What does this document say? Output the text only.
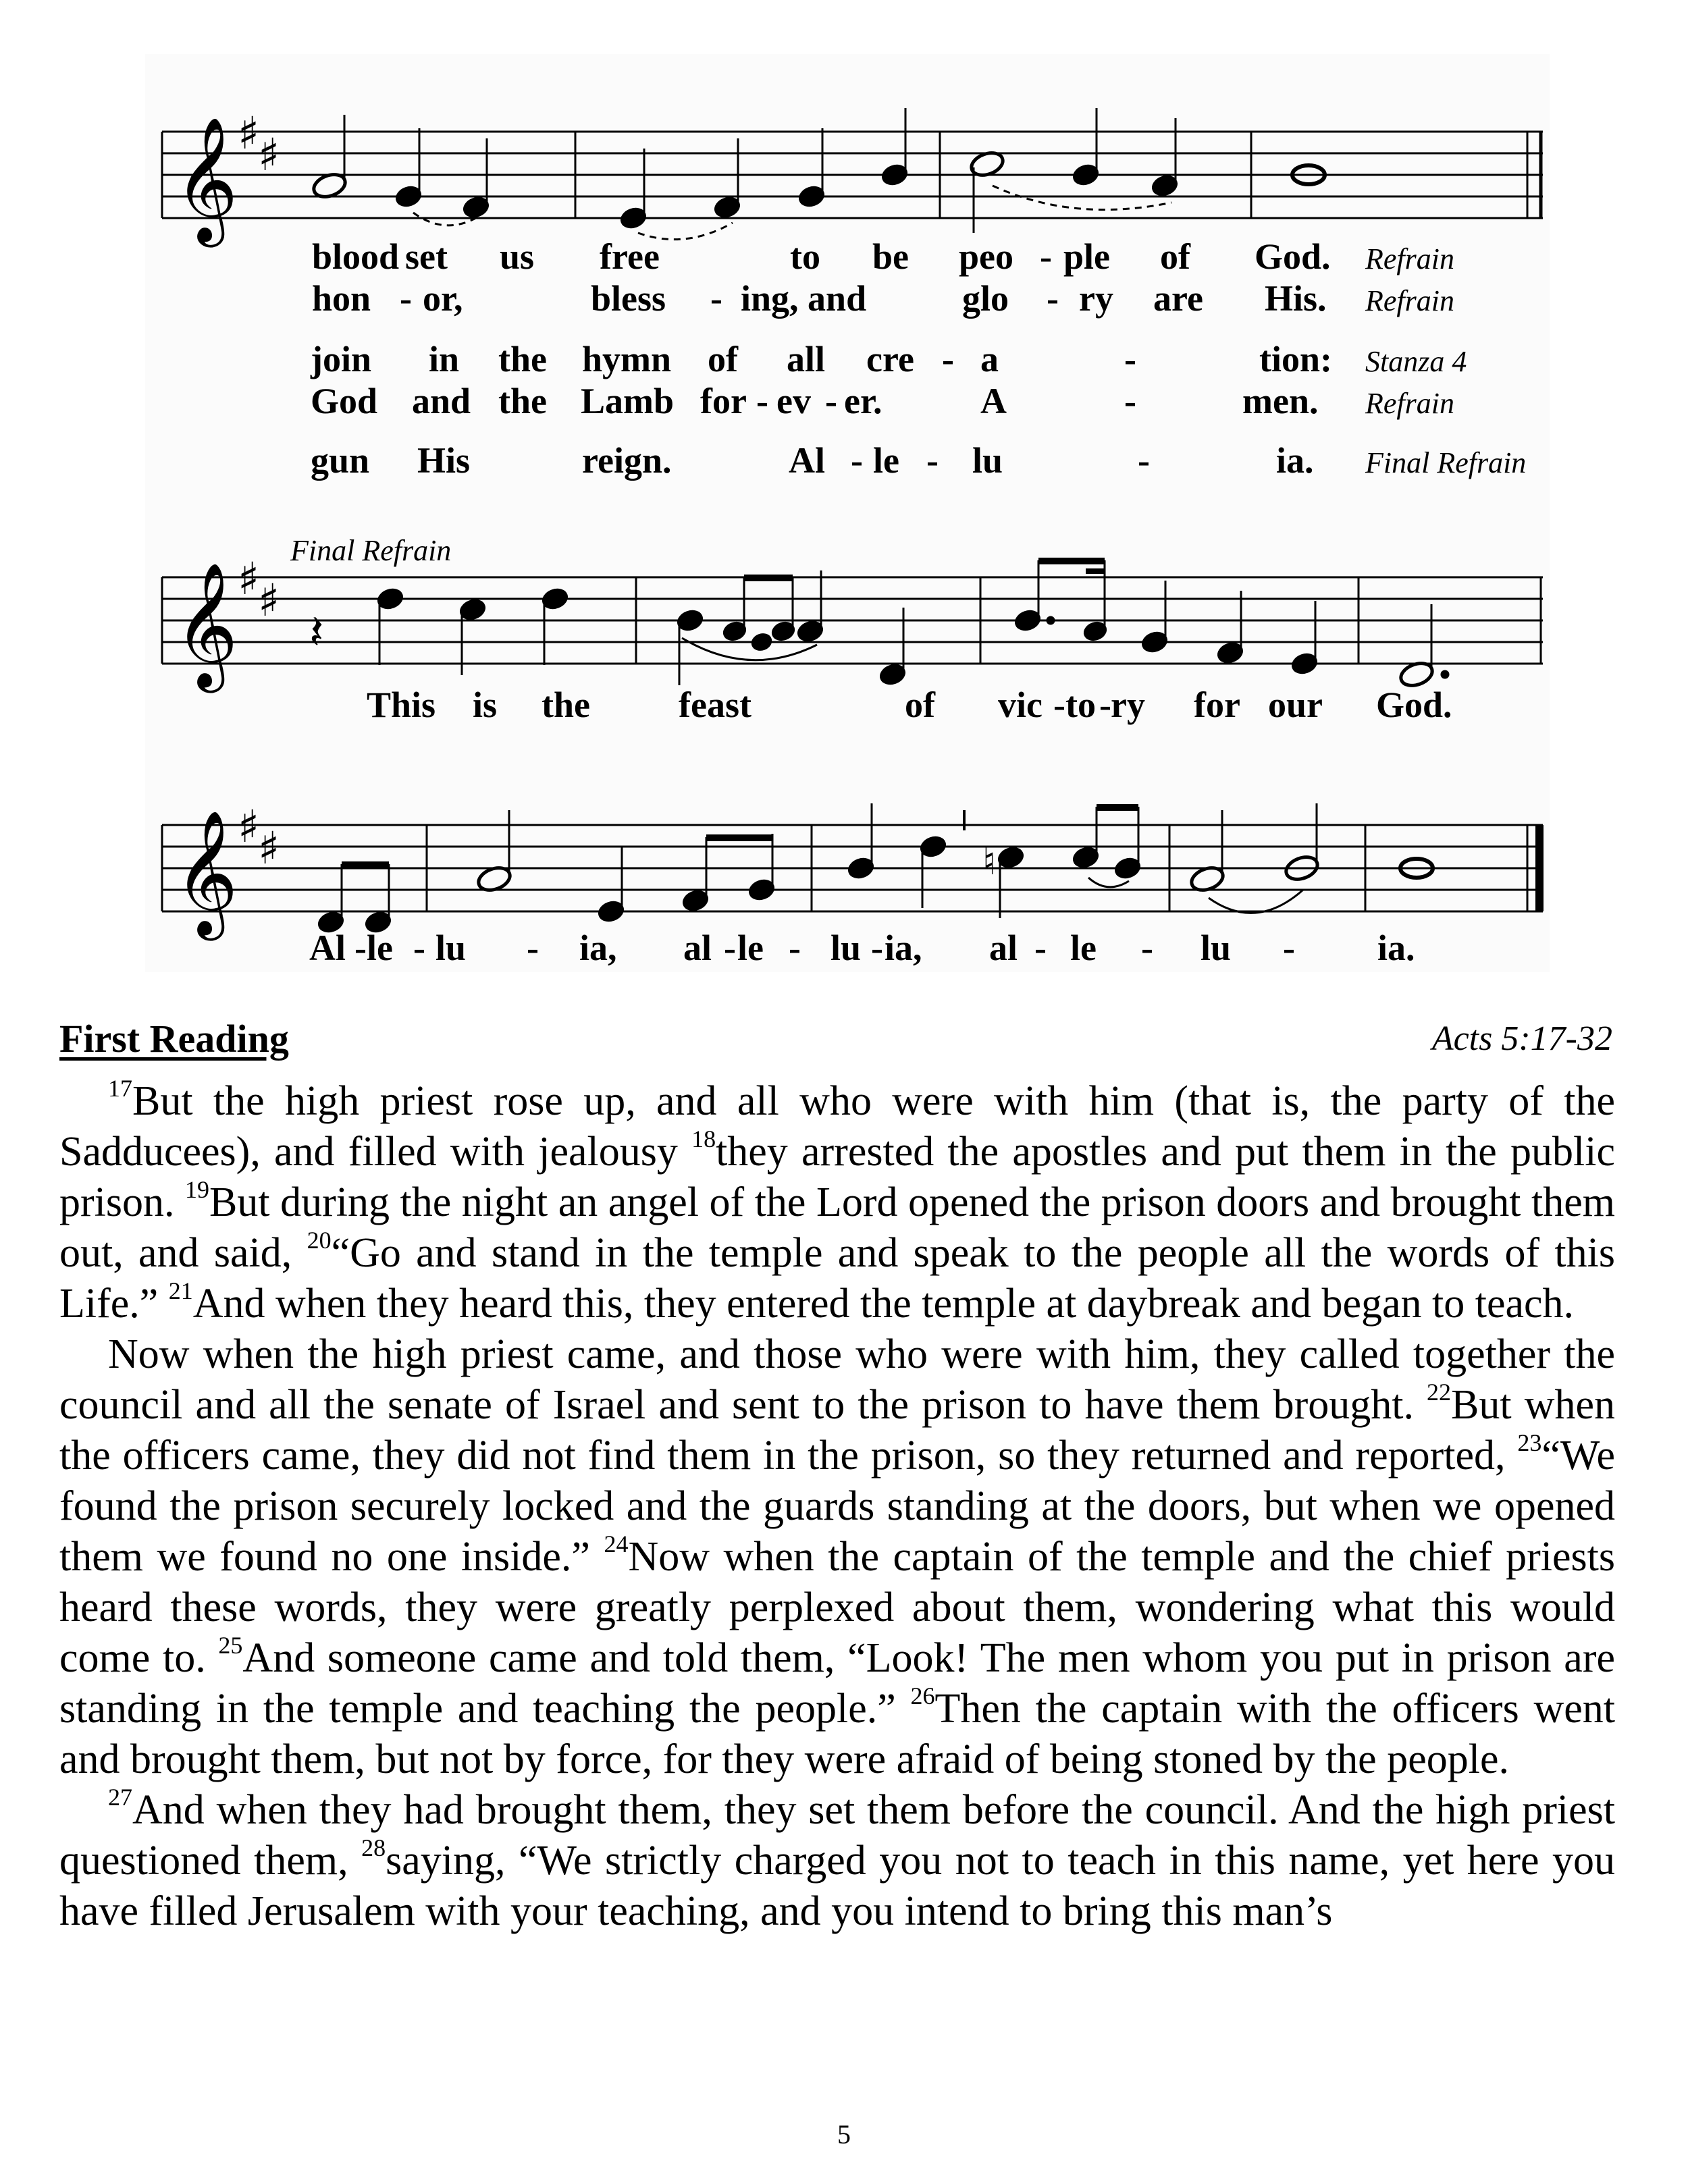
𝄞 ♯
♯
blood set us free	to be peo - ple of God.
hon - or,	bless - ing, and	glo - ry are His.
join in the hymn of all cre - a	-	tion:
God and the Lamb for - ev - er.	A	-	men.
gun His	reign.	Al - le - lu	-	ia.
Refrain
Refrain
Stanza 4
Refrain
Final Refrain
Final Refrain
𝄞 ♯
♯
𝄽
This is the feast	of vic - to - ry for our God.
𝄞 ♯
♯	♮
Al - le - lu - ia, al - le - lu - ia, al - le - lu - ia.
First Reading	Acts 5:17-32

$^{17}$But the high priest rose up, and all who were with him (that is, the party of the Sadducees), and filled with jealousy $^{18}$they arrested the apostles and put them in the public prison. $^{19}$But during the night an angel of the Lord opened the prison doors and brought them out, and said, $^{20}$“Go and stand in the temple and speak to the people all the words of this Life.” $^{21}$And when they heard this, they entered the temple at daybreak and began to teach.

Now when the high priest came, and those who were with him, they called together the council and all the senate of Israel and sent to the prison to have them brought. $^{22}$But when the officers came, they did not find them in the prison, so they returned and reported, $^{23}$“We found the prison securely locked and the guards standing at the doors, but when we opened them we found no one inside.” $^{24}$Now when the captain of the temple and the chief priests heard these words, they were greatly perplexed about them, wondering what this would come to. $^{25}$And someone came and told them, “Look! The men whom you put in prison are standing in the temple and teaching the people.” $^{26}$Then the captain with the officers went and brought them, but not by force, for they were afraid of being stoned by the people.

$^{27}$And when they had brought them, they set them before the council. And the high priest questioned them, $^{28}$saying, “We strictly charged you not to teach in this name, yet here you have filled Jerusalem with your teaching, and you intend to bring this man’s

5
